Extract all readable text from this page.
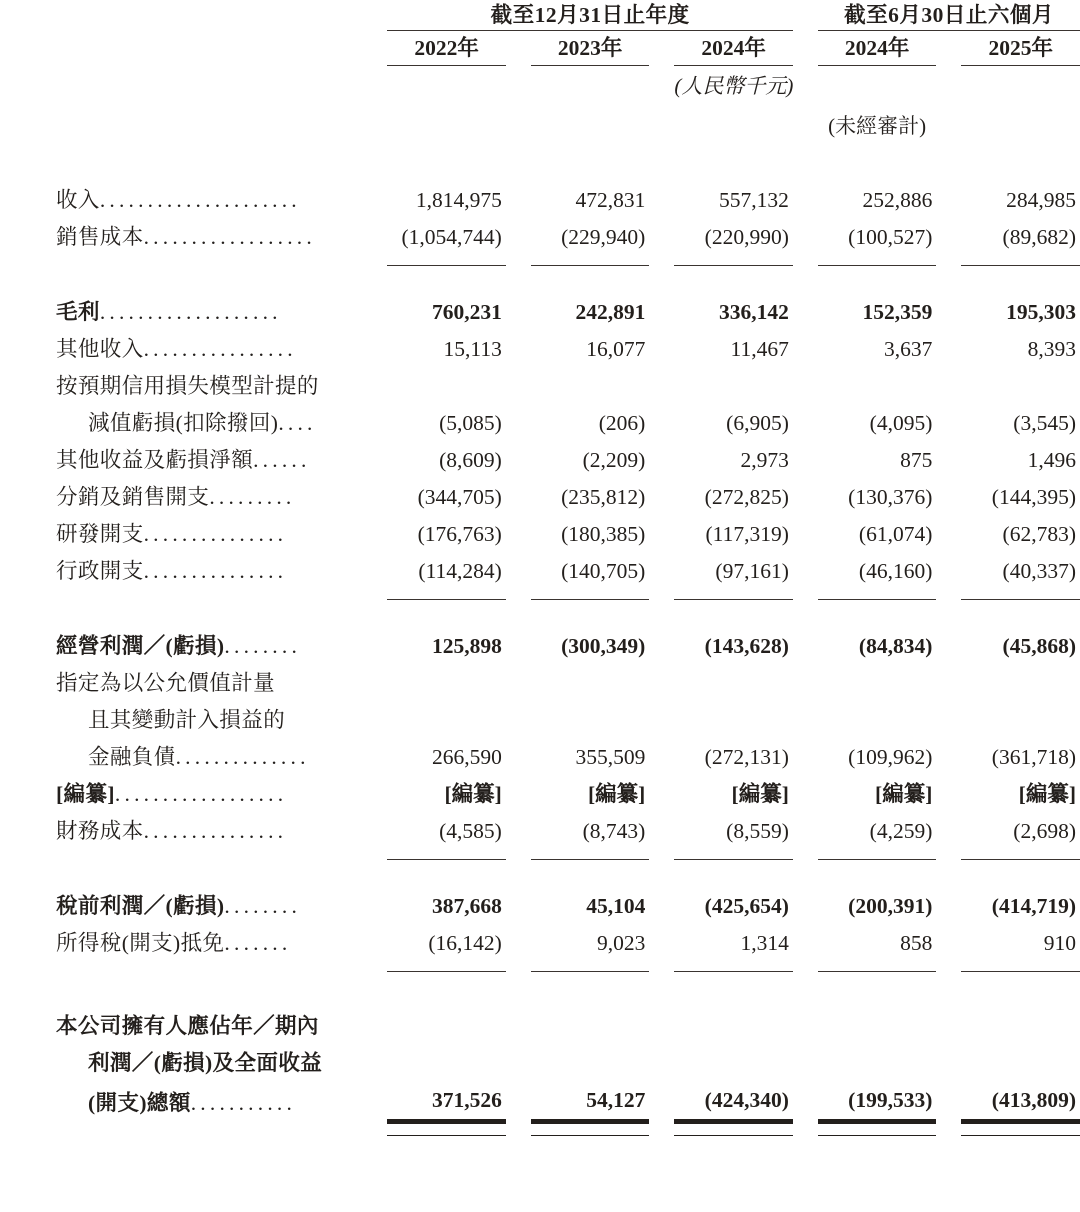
		截至12月31日止年度						截至6月30日止六個月		
		2022年		2023年		2024年		2024年		2025年
						(人民幣千元)				
								(未經審計)		

收入.....................		1,814,975		472,831		557,132		252,886		284,985
銷售成本..................		(1,054,744)		(229,940)		(220,990)		(100,527)		(89,682)

毛利...................		760,231		242,891		336,142		152,359		195,303
其他收入................		15,113		16,077		11,467		3,637		8,393
按預期信用損失模型計提的										
減值虧損(扣除撥回)....		(5,085)		(206)		(6,905)		(4,095)		(3,545)
其他收益及虧損淨額......		(8,609)		(2,209)		2,973		875		1,496
分銷及銷售開支.........		(344,705)		(235,812)		(272,825)		(130,376)		(144,395)
研發開支...............		(176,763)		(180,385)		(117,319)		(61,074)		(62,783)
行政開支...............		(114,284)		(140,705)		(97,161)		(46,160)		(40,337)

經營利潤／(虧損)........		125,898		(300,349)		(143,628)		(84,834)		(45,868)
指定為以公允價值計量										
且其變動計入損益的										
金融負債..............		266,590		355,509		(272,131)		(109,962)		(361,718)
[編纂]..................		[編纂]		[編纂]		[編纂]		[編纂]		[編纂]
財務成本...............		(4,585)		(8,743)		(8,559)		(4,259)		(2,698)

稅前利潤／(虧損)........		387,668		45,104		(425,654)		(200,391)		(414,719)
所得稅(開支)抵免.......		(16,142)		9,023		1,314		858		910

本公司擁有人應佔年／期內										
利潤／(虧損)及全面收益										
(開支)總額...........		371,526		54,127		(424,340)		(199,533)		(413,809)
